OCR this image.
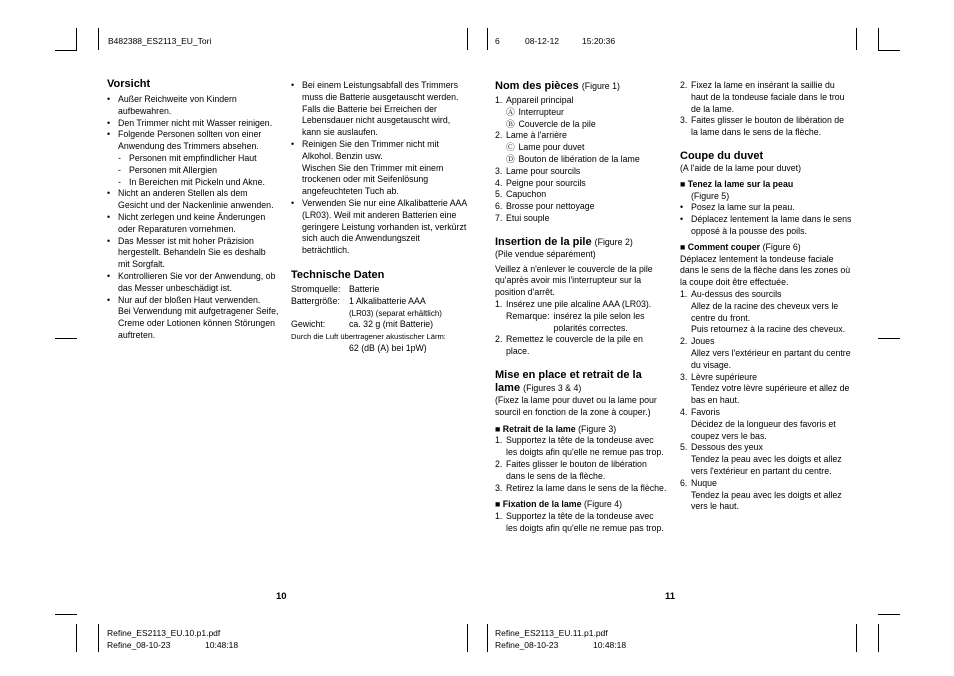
B482388_ES2113_EU_Tori	6	08-12-12	15:20:36

Vorsicht

• Außer Reichweite von Kindern aufbewahren.
• Den Trimmer nicht mit Wasser reinigen.
• Folgende Personen sollten von einer Anwendung des Trimmers absehen.
- Personen mit empfindlicher Haut
- Personen mit Allergien
- In Bereichen mit Pickeln und Akne.
• Nicht an anderen Stellen als dem Gesicht und der Nackenlinie anwenden.
• Nicht zerlegen und keine Änderungen oder Reparaturen vornehmen.
• Das Messer ist mit hoher Präzision hergestellt. Behandeln Sie es deshalb mit Sorgfalt.
• Kontrollieren Sie vor der Anwendung, ob das Messer unbeschädigt ist.
• Nur auf der bloßen Haut verwenden.
Bei Verwendung mit aufgetragener Seife, Creme oder Lotionen können Störungen auftreten.
• Bei einem Leistungsabfall des Trimmers muss die Batterie ausgetauscht werden. Falls die Batterie bei Erreichen der Lebensdauer nicht ausgetauscht wird, kann sie auslaufen.
• Reinigen Sie den Trimmer nicht mit Alkohol. Benzin usw.
Wischen Sie den Trimmer mit einem trockenen oder mit Seifenlösung angefeuchteten Tuch ab.
• Verwenden Sie nur eine Alkalibatterie AAA (LR03). Weil mit anderen Batterien eine geringere Leistung vorhanden ist, verkürzt sich auch die Anwendungszeit beträchtlich.

Technische Daten

Stromquelle: Batterie
Battergröße:	1 Alkalibatterie AAA
(LR03) (separat erhältlich)
Gewicht:	ca. 32 g (mit Batterie)
Durch die Luft übertragener akustischer Lärm:
62 (dB (A) bei 1pW)

Nom des pièces (Figure 1)

1. Appareil principal
Ⓐ Interrupteur
Ⓑ Couvercle de la pile
2. Lame à l'arrière
Ⓒ Lame pour duvet
Ⓓ Bouton de libération de la lame
3. Lame pour sourcils
4. Peigne pour sourcils
5. Capuchon
6. Brosse pour nettoyage
7. Etui souple

Insertion de la pile (Figure 2)

(Pile vendue séparément)
Veillez à n'enlever le couvercle de la pile qu'après avoir mis l'interrupteur sur la position d'arrêt.
1. Insérez une pile alcaline AAA (LR03).
Remarque: insérez la pile selon les polarités correctes.
2. Remettez le couvercle de la pile en place.

Mise en place et retrait de la
lame (Figures 3 & 4)

(Fixez la lame pour duvet ou la lame pour sourcil en fonction de la zone à couper.)
■ Retrait de la lame (Figure 3)
1. Supportez la tête de la tondeuse avec les doigts afin qu'elle ne remue pas trop.
2. Faites glisser le bouton de libération dans le sens de la flèche.
3. Retirez la lame dans le sens de la flèche.
■ Fixation de la lame (Figure 4)
1. Supportez la tête de la tondeuse avec les doigts afin qu'elle ne remue pas trop.
2. Fixez la lame en insérant la saillie du haut de la tondeuse faciale dans le trou de la lame.
3. Faites glisser le bouton de libération de la lame dans le sens de la flèche.

Coupe du duvet

(A l'aide de la lame pour duvet)
■ Tenez la lame sur la peau
(Figure 5)
• Posez la lame sur la peau.
• Déplacez lentement la lame dans le sens opposé à la pousse des poils.
■ Comment couper (Figure 6)
Déplacez lentement la tondeuse faciale dans le sens de la flèche dans les zones où la coupe doit être effectuée.
1. Au-dessus des sourcils
Allez de la racine des cheveux vers le centre du front.
Puis retournez à la racine des cheveux.
2. Joues
Allez vers l'extérieur en partant du centre du visage.
3. Lèvre supérieure
Tendez votre lèvre supérieure et allez de bas en haut.
4. Favoris
Décidez de la longueur des favoris et coupez vers le bas.
5. Dessous des yeux
Tendez la peau avec les doigts et allez vers l'extérieur en partant du centre.
6. Nuque
Tendez la peau avec les doigts et allez vers le haut.
10	11
Refine_ES2113_EU.10.p1.pdf
Refine_08-10-23	10:48:18
Refine_ES2113_EU.11.p1.pdf
Refine_08-10-23	10:48:18
